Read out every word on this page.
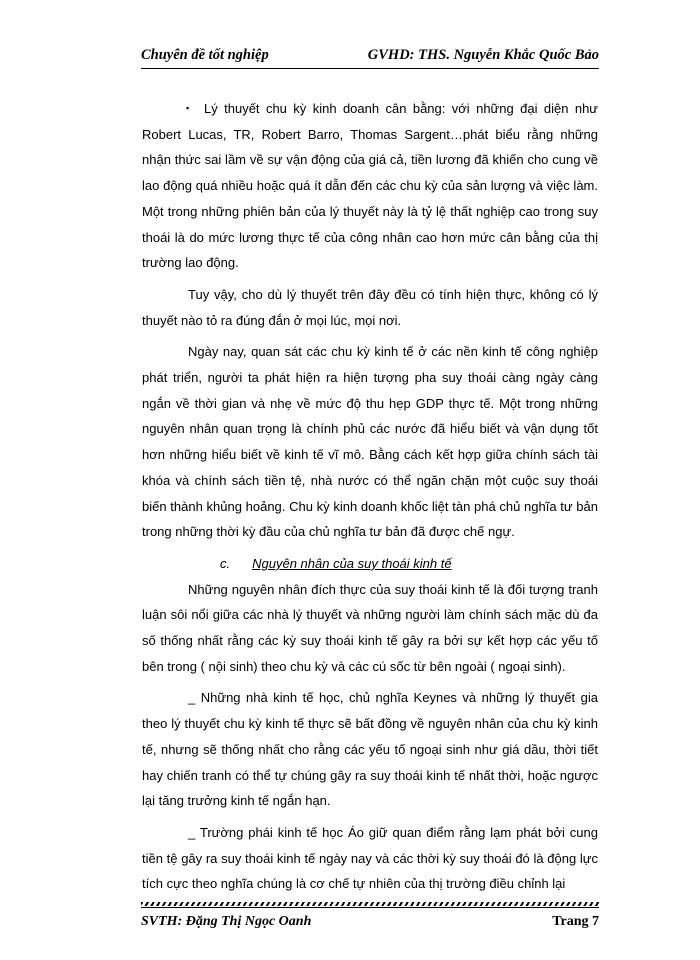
Chuyên đề tốt nghiệp	GVHD: THS. Nguyễn Khắc Quốc Bảo

▪ Lý thuyết chu kỳ kinh doanh cân bằng: với những đại diện như Robert Lucas, TR, Robert Barro, Thomas Sargent…phát biểu rằng những nhận thức sai lầm về sự vận động của giá cả, tiền lương đã khiến cho cung về lao động quá nhiều hoặc quá ít dẫn đến các chu kỳ của sản lượng và việc làm. Một trong những phiên bản của lý thuyết này là tỷ lệ thất nghiệp cao trong suy thoái là do mức lương thực tế của công nhân cao hơn mức cân bằng của thị trường lao động.

Tuy vậy, cho dù lý thuyết trên đây đều có tính hiện thực, không có lý thuyết nào tỏ ra đúng đắn ở mọi lúc, mọi nơi.

Ngày nay, quan sát các chu kỳ kinh tế ở các nền kinh tế công nghiệp phát triển, người ta phát hiện ra hiện tượng pha suy thoái càng ngày càng ngắn về thời gian và nhẹ về mức độ thu hẹp GDP thực tế. Một trong những nguyên nhân quan trọng là chính phủ các nước đã hiểu biết và vận dụng tốt hơn những hiểu biết về kinh tế vĩ mô. Bằng cách kết hợp giữa chính sách tài khóa và chính sách tiền tệ, nhà nước có thể ngăn chặn một cuộc suy thoái biến thành khủng hoảng. Chu kỳ kinh doanh khốc liệt tàn phá chủ nghĩa tư bản trong những thời kỳ đầu của chủ nghĩa tư bản đã được chế ngự.

c. Nguyên nhân của suy thoái kinh tế

Những nguyên nhân đích thực của suy thoái kinh tế là đối tượng tranh luận sôi nổi giữa các nhà lý thuyết và những người làm chính sách mặc dù đa số thống nhất rằng các kỳ suy thoái kinh tế gây ra bởi sự kết hợp các yếu tố bên trong ( nội sinh) theo chu kỳ và các cú sốc từ bên ngoài ( ngoại sinh).

_ Những nhà kinh tế học, chủ nghĩa Keynes và những lý thuyết gia theo lý thuyết chu kỳ kinh tế thực sẽ bất đồng về nguyên nhân của chu kỳ kinh tế, nhưng sẽ thống nhất cho rằng các yếu tố ngoại sinh như giá dầu, thời tiết hay chiến tranh có thể tự chúng gây ra suy thoái kinh tế nhất thời, hoặc ngược lại tăng trưởng kinh tế ngắn hạn.

_ Trường phái kinh tế học Áo giữ quan điểm rằng lạm phát bởi cung tiền tệ gây ra suy thoái kinh tế ngày nay và các thời kỳ suy thoái đó là động lực tích cực theo nghĩa chúng là cơ chế tự nhiên của thị trường điều chỉnh lại

SVTH: Đặng Thị Ngọc Oanh	Trang 7
